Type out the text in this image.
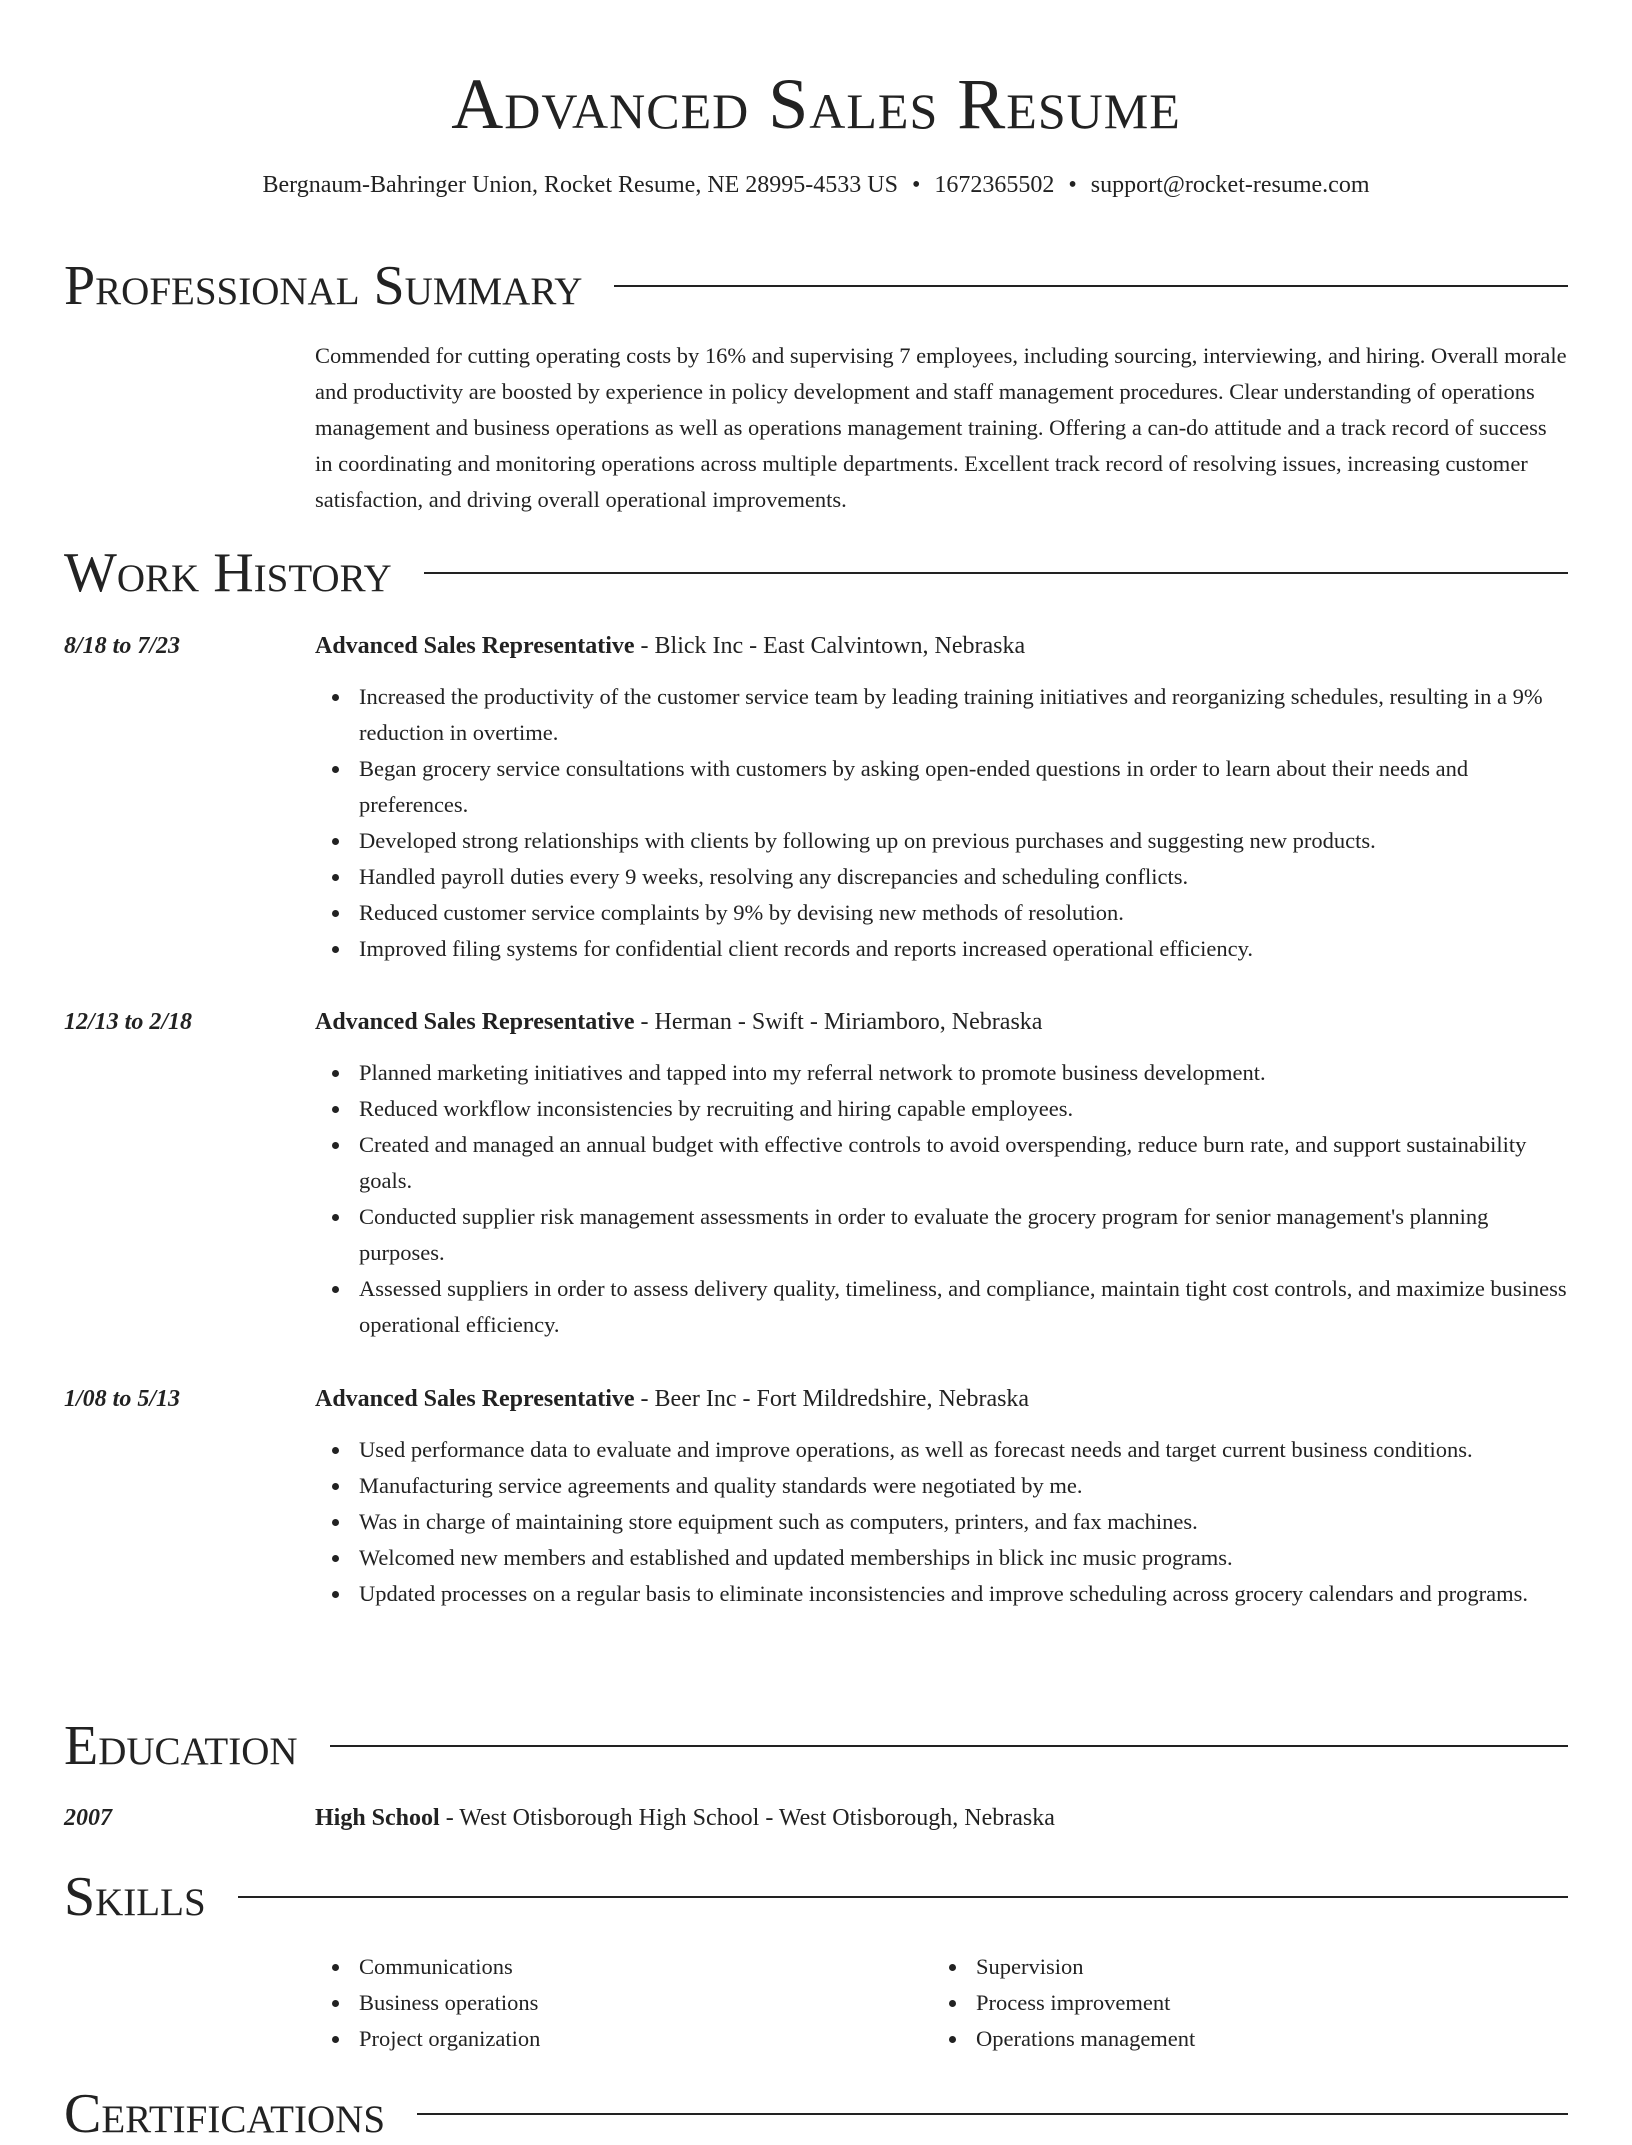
Advanced Sales Resume
Bergnaum-Bahringer Union, Rocket Resume, NE 28995-4533 US • 1672365502 • support@rocket-resume.com
Professional Summary
Commended for cutting operating costs by 16% and supervising 7 employees, including sourcing, interviewing, and hiring. Overall morale and productivity are boosted by experience in policy development and staff management procedures. Clear understanding of operations management and business operations as well as operations management training. Offering a can-do attitude and a track record of success in coordinating and monitoring operations across multiple departments. Excellent track record of resolving issues, increasing customer satisfaction, and driving overall operational improvements.
Work History
8/18 to 7/23	Advanced Sales Representative - Blick Inc - East Calvintown, Nebraska
Increased the productivity of the customer service team by leading training initiatives and reorganizing schedules, resulting in a 9% reduction in overtime.
Began grocery service consultations with customers by asking open-ended questions in order to learn about their needs and preferences.
Developed strong relationships with clients by following up on previous purchases and suggesting new products.
Handled payroll duties every 9 weeks, resolving any discrepancies and scheduling conflicts.
Reduced customer service complaints by 9% by devising new methods of resolution.
Improved filing systems for confidential client records and reports increased operational efficiency.
12/13 to 2/18	Advanced Sales Representative - Herman - Swift - Miriamboro, Nebraska
Planned marketing initiatives and tapped into my referral network to promote business development.
Reduced workflow inconsistencies by recruiting and hiring capable employees.
Created and managed an annual budget with effective controls to avoid overspending, reduce burn rate, and support sustainability goals.
Conducted supplier risk management assessments in order to evaluate the grocery program for senior management's planning purposes.
Assessed suppliers in order to assess delivery quality, timeliness, and compliance, maintain tight cost controls, and maximize business operational efficiency.
1/08 to 5/13	Advanced Sales Representative - Beer Inc - Fort Mildredshire, Nebraska
Used performance data to evaluate and improve operations, as well as forecast needs and target current business conditions.
Manufacturing service agreements and quality standards were negotiated by me.
Was in charge of maintaining store equipment such as computers, printers, and fax machines.
Welcomed new members and established and updated memberships in blick inc music programs.
Updated processes on a regular basis to eliminate inconsistencies and improve scheduling across grocery calendars and programs.
Education
2007	High School - West Otisborough High School - West Otisborough, Nebraska
Skills
Communications
Business operations
Project organization
Supervision
Process improvement
Operations management
Certifications
